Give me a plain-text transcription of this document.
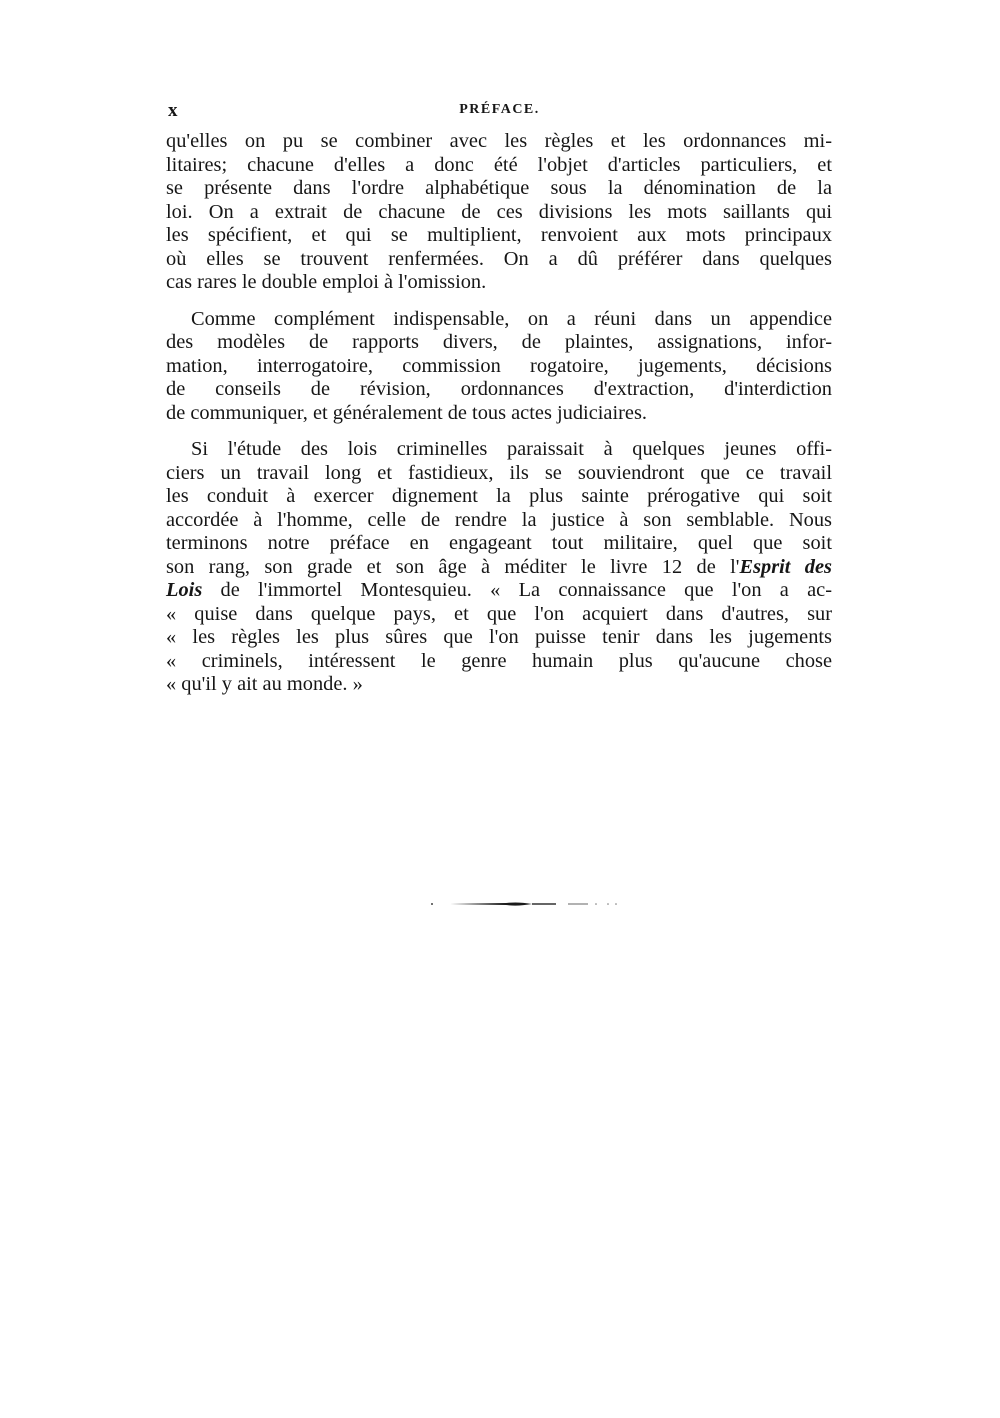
x	PRÉFACE.

qu'elles on pu se combiner avec les règles et les ordonnances mi-
litaires; chacune d'elles a donc été l'objet d'articles particuliers, et
se présente dans l'ordre alphabétique sous la dénomination de la
loi. On a extrait de chacune de ces divisions les mots saillants qui
les spécifient, et qui se multiplient, renvoient aux mots principaux
où elles se trouvent renfermées. On a dû préférer dans quelques
cas rares le double emploi à l'omission.

Comme complément indispensable, on a réuni dans un appendice
des modèles de rapports divers, de plaintes, assignations, infor-
mation, interrogatoire, commission rogatoire, jugements, décisions
de conseils de révision, ordonnances d'extraction, d'interdiction
de communiquer, et généralement de tous actes judiciaires.

Si l'étude des lois criminelles paraissait à quelques jeunes offi-
ciers un travail long et fastidieux, ils se souviendront que ce travail
les conduit à exercer dignement la plus sainte prérogative qui soit
accordée à l'homme, celle de rendre la justice à son semblable. Nous
terminons notre préface en engageant tout militaire, quel que soit
son rang, son grade et son âge à méditer le livre 12 de l'Esprit des
Lois de l'immortel Montesquieu. « La connaissance que l'on a ac-
« quise dans quelque pays, et que l'on acquiert dans d'autres, sur
« les règles les plus sûres que l'on puisse tenir dans les jugements
« criminels, intéressent le genre humain plus qu'aucune chose
« qu'il y ait au monde. »
